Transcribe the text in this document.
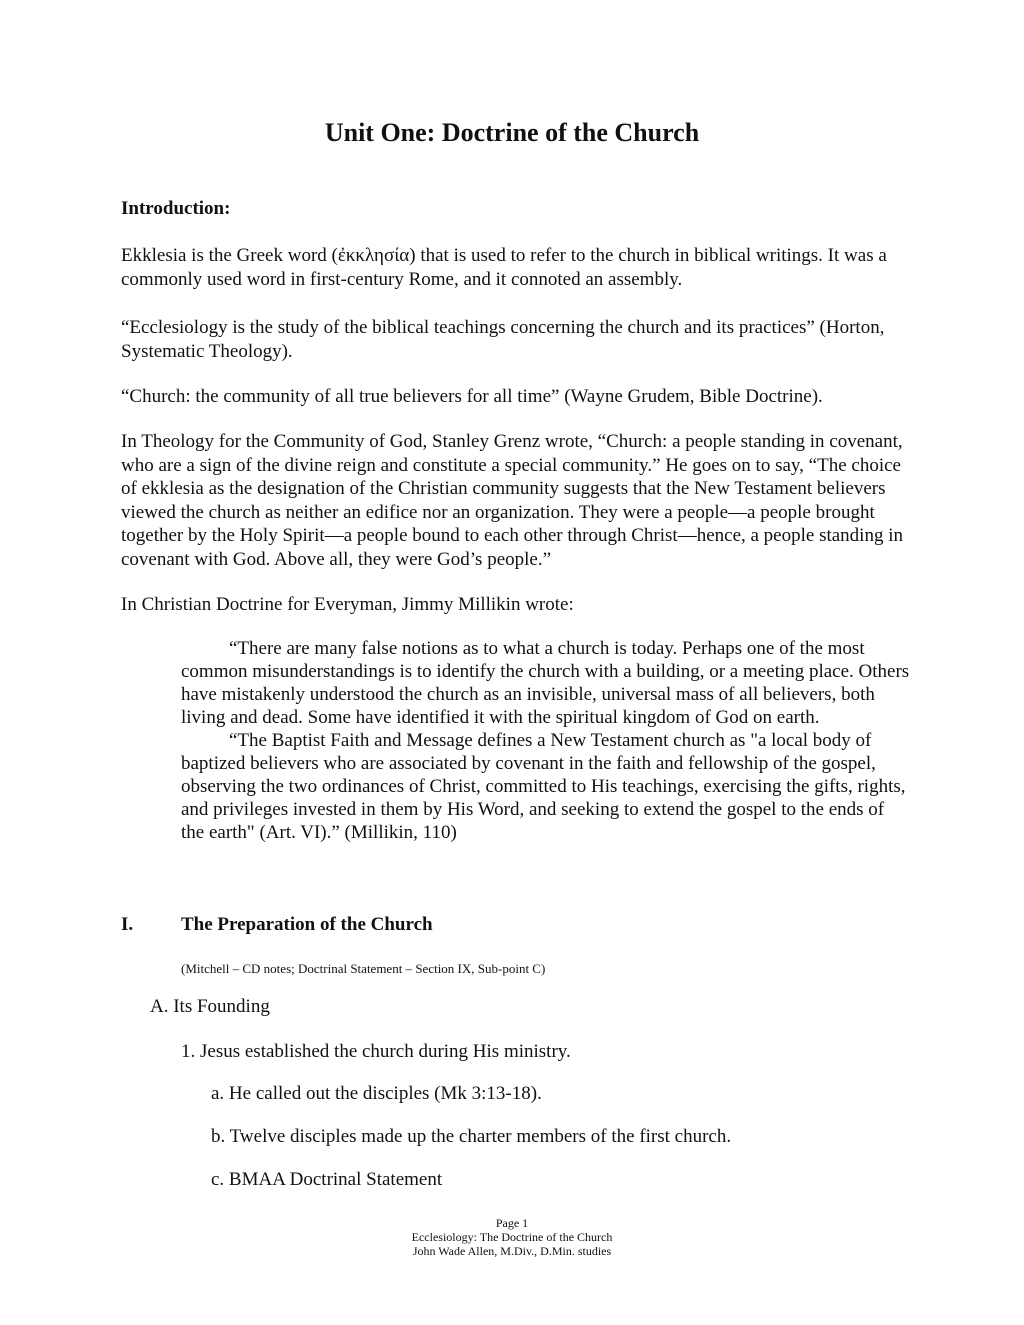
Unit One: Doctrine of the Church
Introduction:
Ekklesia is the Greek word (ἐκκλησία) that is used to refer to the church in biblical writings. It was a commonly used word in first-century Rome, and it connoted an assembly.
“Ecclesiology is the study of the biblical teachings concerning the church and its practices” (Horton, Systematic Theology).
“Church: the community of all true believers for all time” (Wayne Grudem, Bible Doctrine).
In Theology for the Community of God, Stanley Grenz wrote, “Church: a people standing in covenant, who are a sign of the divine reign and constitute a special community.” He goes on to say, “The choice of ekklesia as the designation of the Christian community suggests that the New Testament believers viewed the church as neither an edifice nor an organization. They were a people—a people brought together by the Holy Spirit—a people bound to each other through Christ—hence, a people standing in covenant with God. Above all, they were God’s people.”
In Christian Doctrine for Everyman, Jimmy Millikin wrote:

“There are many false notions as to what a church is today. Perhaps one of the most common misunderstandings is to identify the church with a building, or a meeting place. Others have mistakenly understood the church as an invisible, universal mass of all believers, both living and dead. Some have identified it with the spiritual kingdom of God on earth.

“The Baptist Faith and Message defines a New Testament church as "a local body of baptized believers who are associated by covenant in the faith and fellowship of the gospel, observing the two ordinances of Christ, committed to His teachings, exercising the gifts, rights, and privileges invested in them by His Word, and seeking to extend the gospel to the ends of the earth" (Art. VI).” (Millikin, 110)

I.	The Preparation of the Church
(Mitchell – CD notes; Doctrinal Statement – Section IX, Sub-point C)
A. Its Founding
1. Jesus established the church during His ministry.
a. He called out the disciples (Mk 3:13-18).
b. Twelve disciples made up the charter members of the first church.
c. BMAA Doctrinal Statement
Page 1
Ecclesiology: The Doctrine of the Church
John Wade Allen, M.Div., D.Min. studies
